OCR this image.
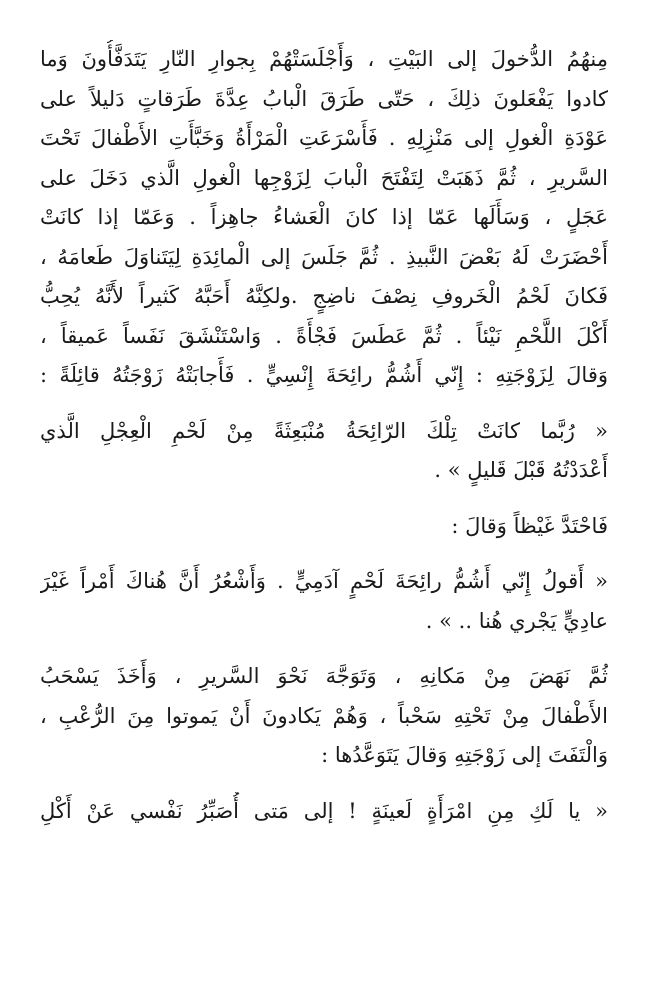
مِنهُمُ الدُّخولَ إلى البَيْتِ ، وَأَجْلَسَتْهُمْ بِجوارِ النّارِ يَتَدَفَّأُونَ وَما
كادوا يَفْعَلونَ ذلِكَ ، حَتّى طَرَقَ الْبابُ عِدَّةَ طَرَقاتٍ دَليلاً على
عَوْدَةِ الْغولِ إلى مَنْزِلِهِ . فَأَسْرَعَتِ الْمَرْأَةُ وَخَبَّأَتِ الأَطْفالَ تَحْتَ
السَّريرِ ، ثُمَّ ذَهَبَتْ لِتَفْتَحَ الْبابَ لِزَوْجِها الْغولِ الَّذي دَخَلَ على
عَجَلٍ ، وَسَأَلَها عَمّا إذا كانَ الْعَشاءُ جاهِزاً . وَعَمّا إذا كانَتْ
أَحْضَرَتْ لَهُ بَعْضَ النَّبيذِ . ثُمَّ جَلَسَ إلى الْمائِدَةِ لِيَتَناوَلَ طَعامَهُ ،
فَكانَ لَحْمُ الْخَروفِ نِصْفَ ناضِجٍ .ولكِنَّهُ أَحَبَّهُ كَثيراً لأَنَّهُ يُحِبُّ
أَكْلَ اللَّحْمِ نَيْئاً . ثُمَّ عَطَسَ فَجْأَةً . وَاسْتَنْشَقَ نَفَساً عَميقاً ،
وَقالَ لِزَوْجَتِهِ : إِنّي أَشُمُّ رائِحَةَ إِنْسِيٍّ . فَأَجابَتْهُ زَوْجَتُهُ قائِلَةً :
« رُبَّما كانَتْ تِلْكَ الرّائِحَةُ مُنْبَعِثَةً مِنْ لَحْمِ الْعِجْلِ الَّذي
أَعْدَدْتُهُ قَبْلَ قَليلٍ » .
فَاحْتَدَّ غَيْظاً وَقالَ :
« أَقولُ إِنّي أَشُمُّ رائِحَةَ لَحْمٍ آدَمِيٍّ . وَأَشْعُرُ أَنَّ هُناكَ أَمْراً غَيْرَ
عادِيٍّ يَجْري هُنا .. » .
ثُمَّ نَهَضَ مِنْ مَكانِهِ ، وَتَوَجَّهَ نَحْوَ السَّريرِ ، وَأَخَذَ يَسْحَبُ
الأَطْفالَ مِنْ تَحْتِهِ سَحْباً ، وَهُمْ يَكادونَ أَنْ يَموتوا مِنَ الرُّعْبِ ،
وَالْتَفَتَ إلى زَوْجَتِهِ وَقالَ يَتَوَعَّدُها :
« يا لَكِ مِنِ امْرَأَةٍ لَعينَةٍ ! إلى مَتى أُصَبِّرُ نَفْسي عَنْ أَكْلِ
